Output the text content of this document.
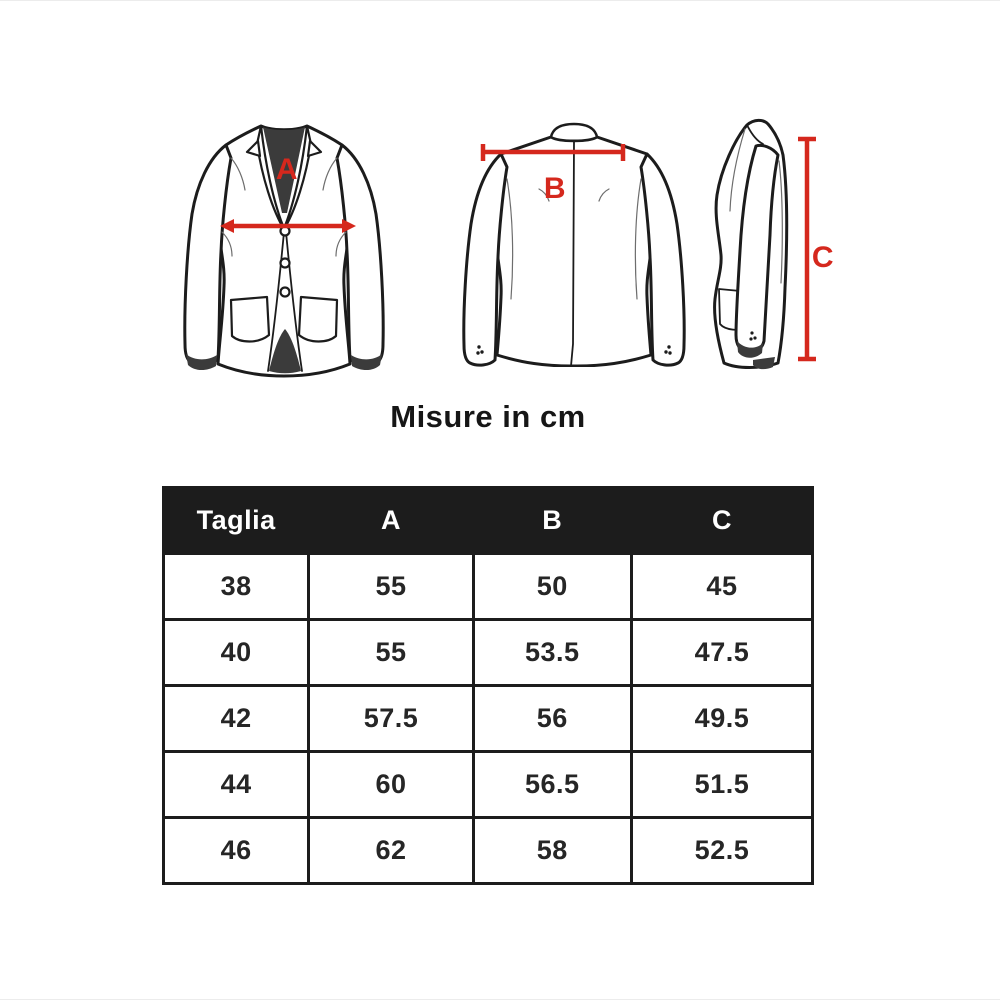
A
B
C
Misure in cm
Taglia	A	B	C
38	55	50	45
40	55	53.5	47.5
42	57.5	56	49.5
44	60	56.5	51.5
46	62	58	52.5
